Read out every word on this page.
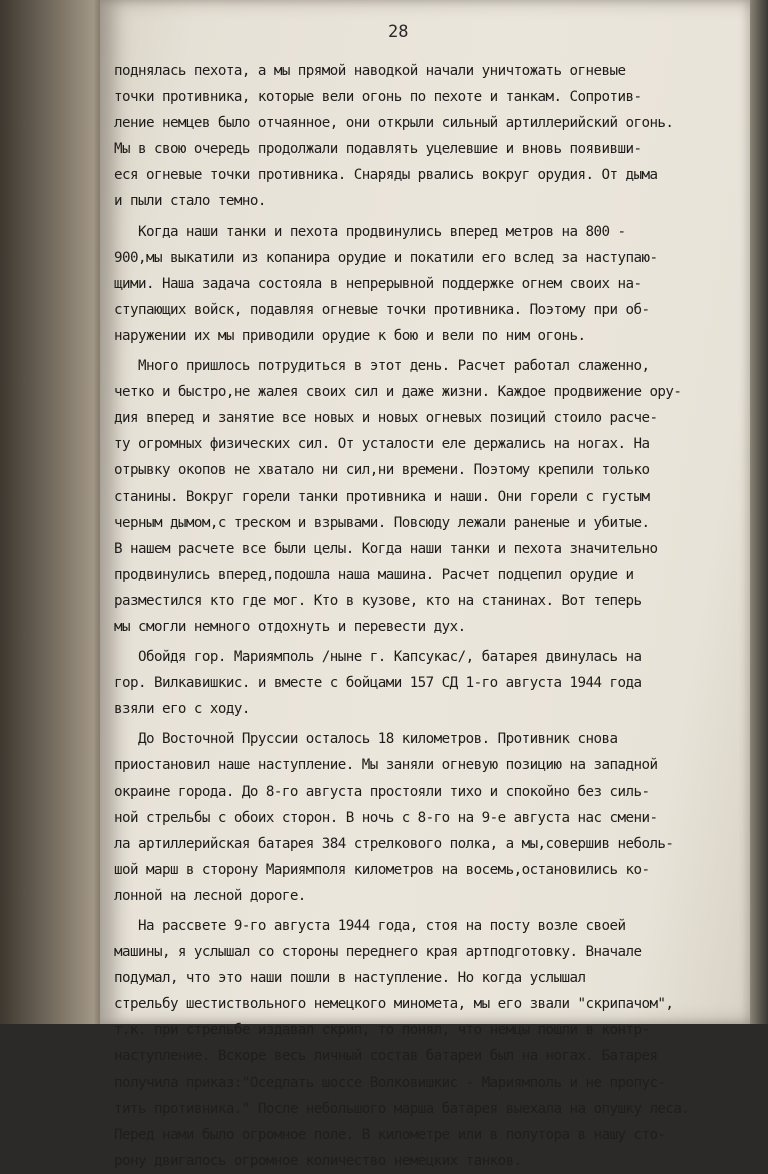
28
поднялась пехота, а мы прямой наводкой начали уничтожать огневые
точки противника, которые вели огонь по пехоте и танкам. Сопротив-
ление немцев было отчаянное, они открыли сильный артиллерийский огонь.
Мы в свою очередь продолжали подавлять уцелевшие и вновь появивши-
еся огневые точки противника. Снаряды рвались вокруг орудия. От дыма
и пыли стало темно.
Когда наши танки и пехота продвинулись вперед метров на 800 -
900,мы выкатили из копанира орудие и покатили его вслед за наступаю-
щими. Наша задача состояла в непрерывной поддержке огнем своих на-
ступающих войск, подавляя огневые точки противника. Поэтому при об-
наружении их мы приводили орудие к бою и вели по ним огонь.
Много пришлось потрудиться в этот день. Расчет работал слаженно,
четко и быстро,не жалея своих сил и даже жизни. Каждое продвижение ору-
дия вперед и занятие все новых и новых огневых позиций стоило расче-
ту огромных физических сил. От усталости еле держались на ногах. На
отрывку окопов не хватало ни сил,ни времени. Поэтому крепили только
станины. Вокруг горели танки противника и наши. Они горели с густым
черным дымом,с треском и взрывами. Повсюду лежали раненые и убитые.
В нашем расчете все были целы. Когда наши танки и пехота значительно
продвинулись вперед,подошла наша машина. Расчет подцепил орудие и
разместился кто где мог. Кто в кузове, кто на станинах. Вот теперь
мы смогли немного отдохнуть и перевести дух.
Обойдя гор. Мариямполь /ныне г. Капсукас/, батарея двинулась на
гор. Вилкавишкис. и вместе с бойцами 157 СД 1-го августа 1944 года
взяли его с ходу.
До Восточной Пруссии осталось 18 километров. Противник снова
приостановил наше наступление. Мы заняли огневую позицию на западной
окраине города. До 8-го августа простояли тихо и спокойно без силь-
ной стрельбы с обоих сторон. В ночь с 8-го на 9-е августа нас смени-
ла артиллерийская батарея 384 стрелкового полка, а мы,совершив неболь-
шой марш в сторону Мариямполя километров на восемь,остановились ко-
лонной на лесной дороге.
На рассвете 9-го августа 1944 года, стоя на посту возле своей
машины, я услышал со стороны переднего края артподготовку. Вначале
подумал, что это наши пошли в наступление. Но когда услышал
стрельбу шестиствольного немецкого миномета, мы его звали "скрипачом",
т.к. при стрельбе издавал скрип, то понял, что немцы пошли в контр-
наступление. Вскоре весь личный состав батареи был на ногах. Батарея
получила приказ:"Оседлать шоссе Волковишкис - Мариямполь и не пропус-
тить противника." После небольшого марша батарея выехала на опушку леса.
Перед нами было огромное поле. В километре или в полутора в нашу сто-
рону двигалось огромное количество немецких танков.
